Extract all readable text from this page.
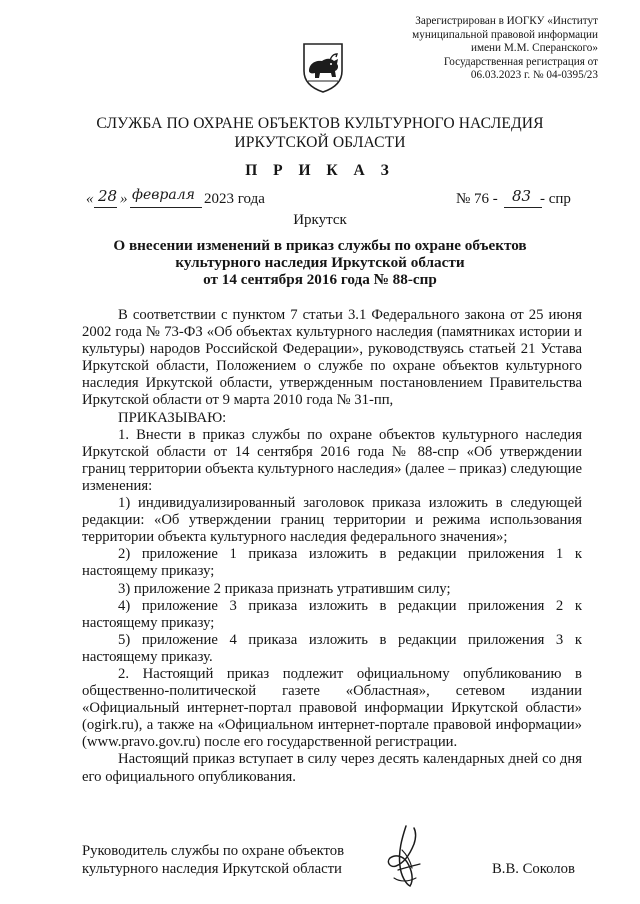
Зарегистрирован в ИОГКУ «Институт
муниципальной правовой информации
имени М.М. Сперанского»
Государственная регистрация от
06.03.2023 г. № 04-0395/23
СЛУЖБА ПО ОХРАНЕ ОБЪЕКТОВ КУЛЬТУРНОГО НАСЛЕДИЯ
ИРКУТСКОЙ ОБЛАСТИ
П Р И К А З
« 28 » февраля 2023 года	№ 76 - 83 - спр
Иркутск
О внесении изменений в приказ службы по охране объектов
культурного наследия Иркутской области
от 14 сентября 2016 года № 88-спр

В соответствии с пунктом 7 статьи 3.1 Федерального закона от 25 июня 2002 года № 73-ФЗ «Об объектах культурного наследия (памятниках истории и культуры) народов Российской Федерации», руководствуясь статьей 21 Устава Иркутской области, Положением о службе по охране объектов культурного наследия Иркутской области, утвержденным постановлением Правительства Иркутской области от 9 марта 2010 года № 31-пп,

ПРИКАЗЫВАЮ:

1. Внести в приказ службы по охране объектов культурного наследия Иркутской области от 14 сентября 2016 года № 88-спр «Об утверждении границ территории объекта культурного наследия» (далее – приказ) следующие изменения:

1) индивидуализированный заголовок приказа изложить в следующей редакции: «Об утверждении границ территории и режима использования территории объекта культурного наследия федерального значения»;

2) приложение 1 приказа изложить в редакции приложения 1 к настоящему приказу;

3) приложение 2 приказа признать утратившим силу;

4) приложение 3 приказа изложить в редакции приложения 2 к настоящему приказу;

5) приложение 4 приказа изложить в редакции приложения 3 к настоящему приказу.

2. Настоящий приказ подлежит официальному опубликованию в общественно-политической газете «Областная», сетевом издании «Официальный интернет-портал правовой информации Иркутской области» (ogirk.ru), а также на «Официальном интернет-портале правовой информации» (www.pravo.gov.ru) после его государственной регистрации.

Настоящий приказ вступает в силу через десять календарных дней со дня его официального опубликования.

Руководитель службы по охране объектов
культурного наследия Иркутской области	В.В. Соколов
